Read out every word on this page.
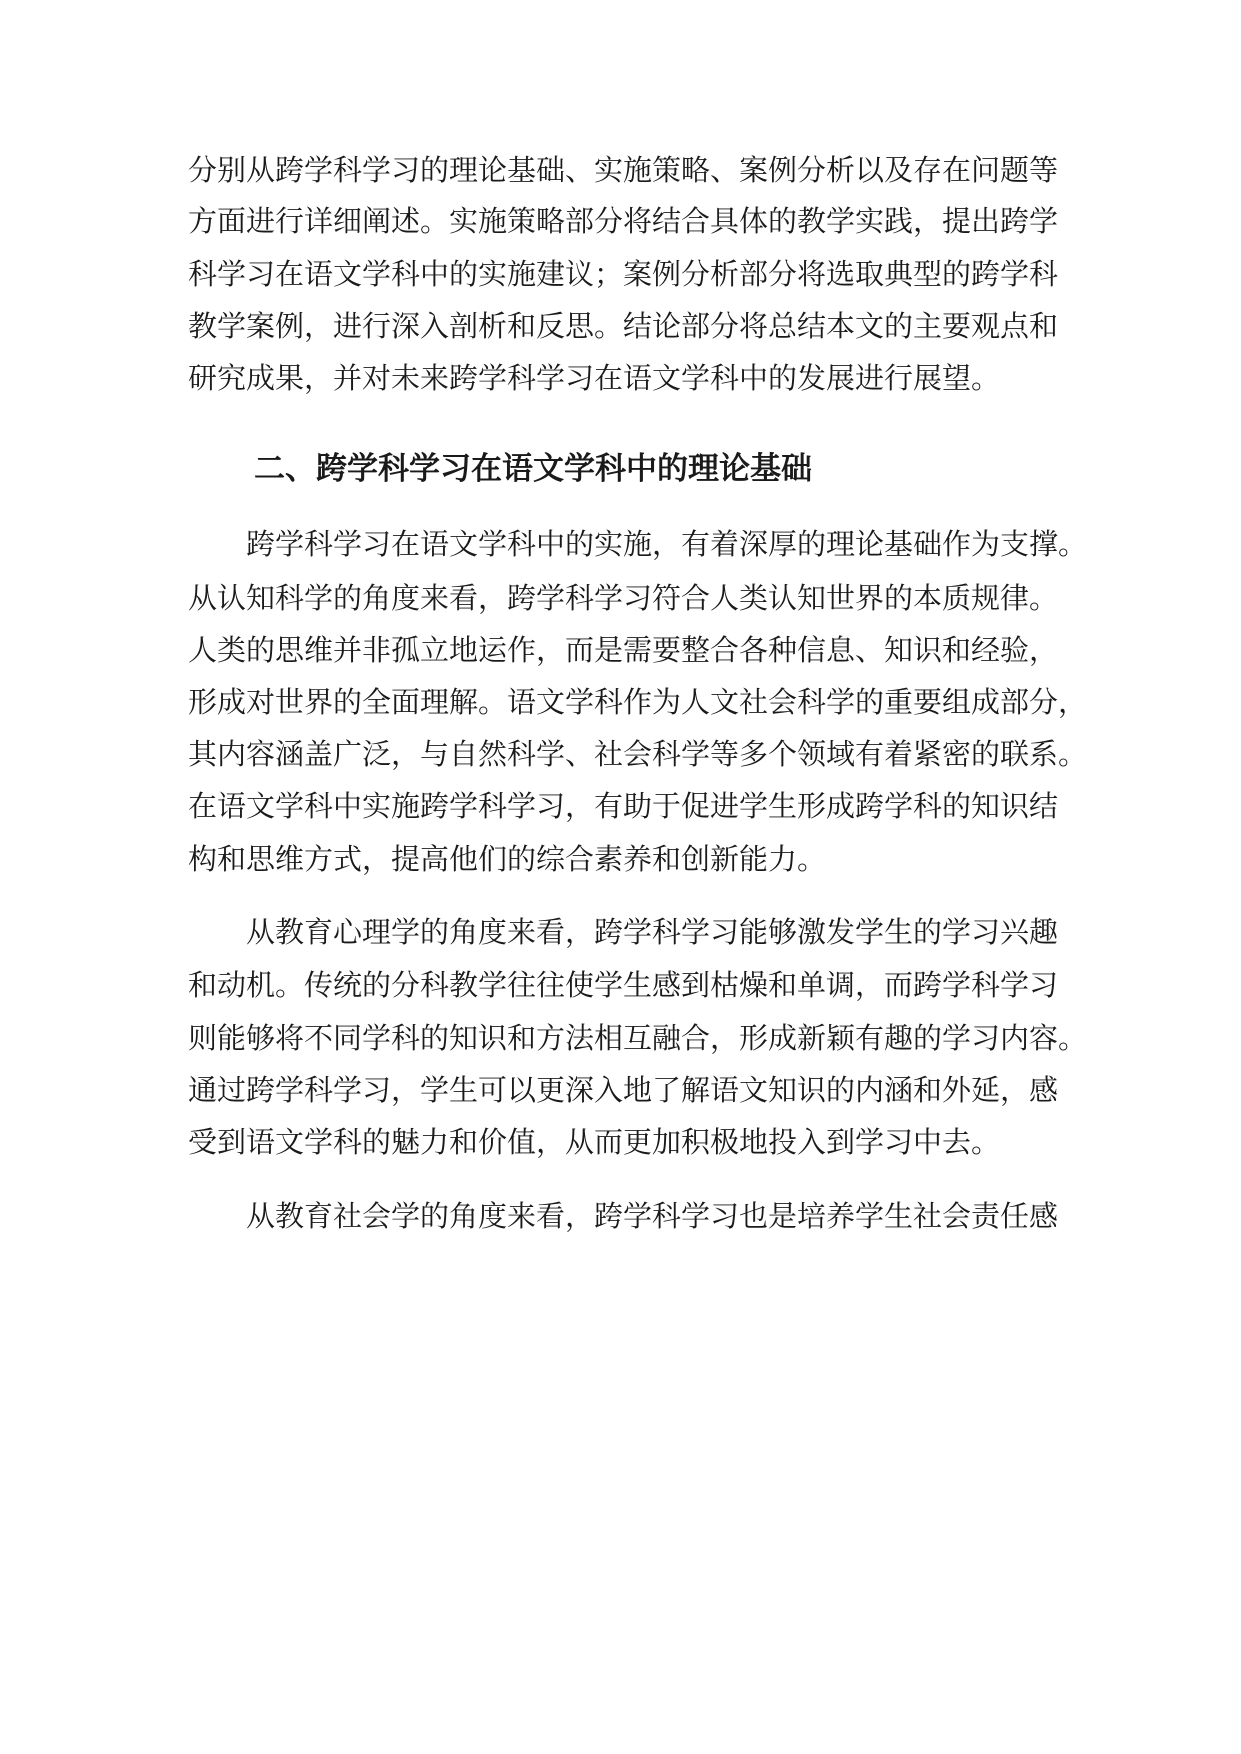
分别从跨学科学习的理论基础、实施策略、案例分析以及存在问题等
方面进行详细阐述。实施策略部分将结合具体的教学实践，提出跨学
科学习在语文学科中的实施建议；案例分析部分将选取典型的跨学科
教学案例，进行深入剖析和反思。结论部分将总结本文的主要观点和
研究成果，并对未来跨学科学习在语文学科中的发展进行展望。
二、跨学科学习在语文学科中的理论基础
跨学科学习在语文学科中的实施，有着深厚的理论基础作为支撑。
从认知科学的角度来看，跨学科学习符合人类认知世界的本质规律。
人类的思维并非孤立地运作，而是需要整合各种信息、知识和经验，
形成对世界的全面理解。语文学科作为人文社会科学的重要组成部分，
其内容涵盖广泛，与自然科学、社会科学等多个领域有着紧密的联系。
在语文学科中实施跨学科学习，有助于促进学生形成跨学科的知识结
构和思维方式，提高他们的综合素养和创新能力。
从教育心理学的角度来看，跨学科学习能够激发学生的学习兴趣
和动机。传统的分科教学往往使学生感到枯燥和单调，而跨学科学习
则能够将不同学科的知识和方法相互融合，形成新颖有趣的学习内容。
通过跨学科学习，学生可以更深入地了解语文知识的内涵和外延，感
受到语文学科的魅力和价值，从而更加积极地投入到学习中去。
从教育社会学的角度来看，跨学科学习也是培养学生社会责任感
